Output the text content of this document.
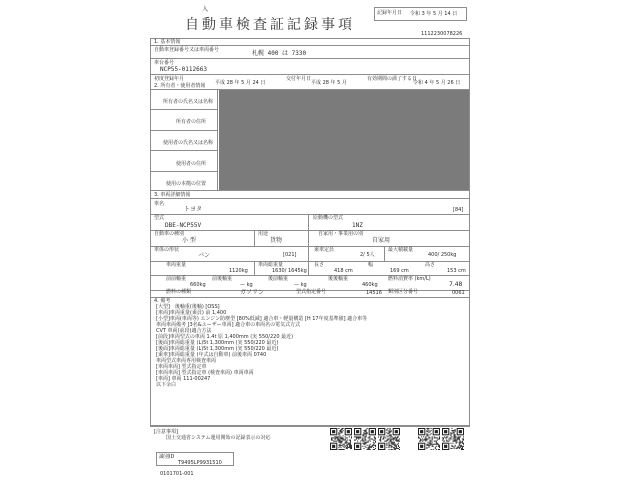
入
自動車検査証記録事項
記録年月日 令和 3 年 5 月 14 日
1112230078226
1. 基本情報
自動車登録番号又は車両番号	札幌 400 は 7330
車台番号
NCP55-0112663
初度登録年月
平成 28 年 5 月 24 日
交付年月日
平成 28 年 5 月
有効期間の満了する日
令和 4 年 5 月 26 日
2. 所有者・使用者情報
所有者の氏名又は名称
所有者の住所
使用者の氏名又は名称
使用者の住所
使用の本拠の位置
3. 車両詳細情報
車名
トヨタ	[84]
型式
DBE-NCP55V
原動機の型式
1NZ
自動車の種別
小 型
用途
貨物
自家用・事業用の別
自家用
車体の形状
バン	[021]
乗車定員
2/ 5人
最大積載量
400/ 250kg
車両重量
1120kg
車両総重量
1630/ 1645kg
長さ
418 cm
幅
169 cm
高さ
153 cm
前前軸重
660kg
前後軸重
— kg
後前軸重
— kg
後後軸重
460kg
燃料消費率 (km/L)
7.48
燃料の種類	ガソリン	型式指定番号	14516 類別区分番号	0061
4. 備考
[大型]　後軸重(後軸) [OSS]
[車両]車両重量(乗員) 前 1,400
[小型]車両(車両等) エンジン防塵型 [80%低減] 適合車・軽量構造 [H 17年度基準値] 適合車等
車両車両備考 [3名&ユーザー車両] 適合車の車両名の電気式方式
CVT 車両(前段)適合方法
[前段]車両型式の車両 1.4t 原 1,400mm (実 550/220 最近)
[後面]車両総重量 (L)5t 1,300mm (実 550/220 最近)
[後面]車両総重量 (L)5t 1,300mm (実 550/220 最近)
[乗車]車両総重量 (年式は自動車) 前後車両 0740
車両型式車両専用検査車両
[車両車両] 型式指定車
[車両車両] 型式指定車 (検査車両) 車両車両
[車両] 車両 111-00247
以下余白
[注意事項]
国土交通省システム運用開始の記録表示の対応
識別ID
T9495LP9931510
0101701-001
